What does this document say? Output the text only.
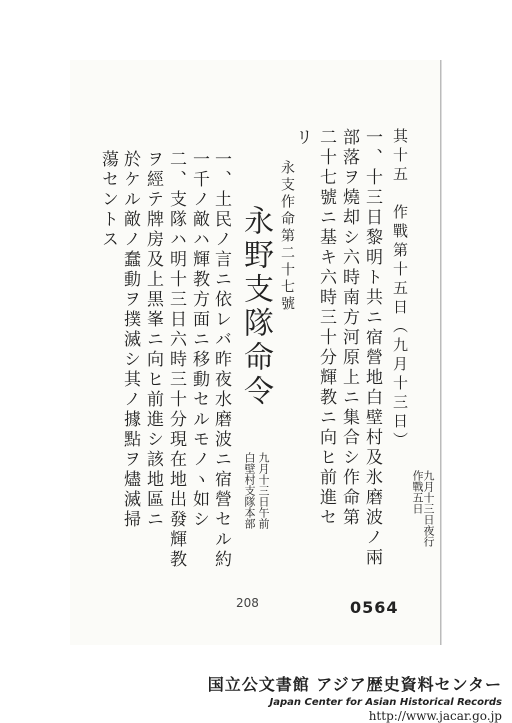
一、十三日黎明ト共ニ宿營地白壁村及氷磨波ノ兩	九月十三日夜行作戰五日
部落ヲ燒却シ六時南方河原上ニ集合シ作命第
二十七號ニ基キ六時三十分輝教ニ向ヒ前進セ
リ	其十五　作戰第十五日（九月十三日）
永支作命第二十七號
永野支隊命令
九月十三日午前
白壁村支隊本部
一、土民ノ言ニ依レバ昨夜水磨波ニ宿營セル約
一千ノ敵ハ輝教方面ニ移動セルモノヽ如シ
二、支隊ハ明十三日六時三十分現在地出發輝教
ヲ經テ牌房及上黒峯ニ向ヒ前進シ該地區ニ
於ケル敵ノ蠢動ヲ撲滅シ其ノ據點ヲ燼滅掃
蕩セントス
208	0564
国立公文書館 アジア歴史資料センター
Japan Center for Asian Historical Records
http://www.jacar.go.jp
